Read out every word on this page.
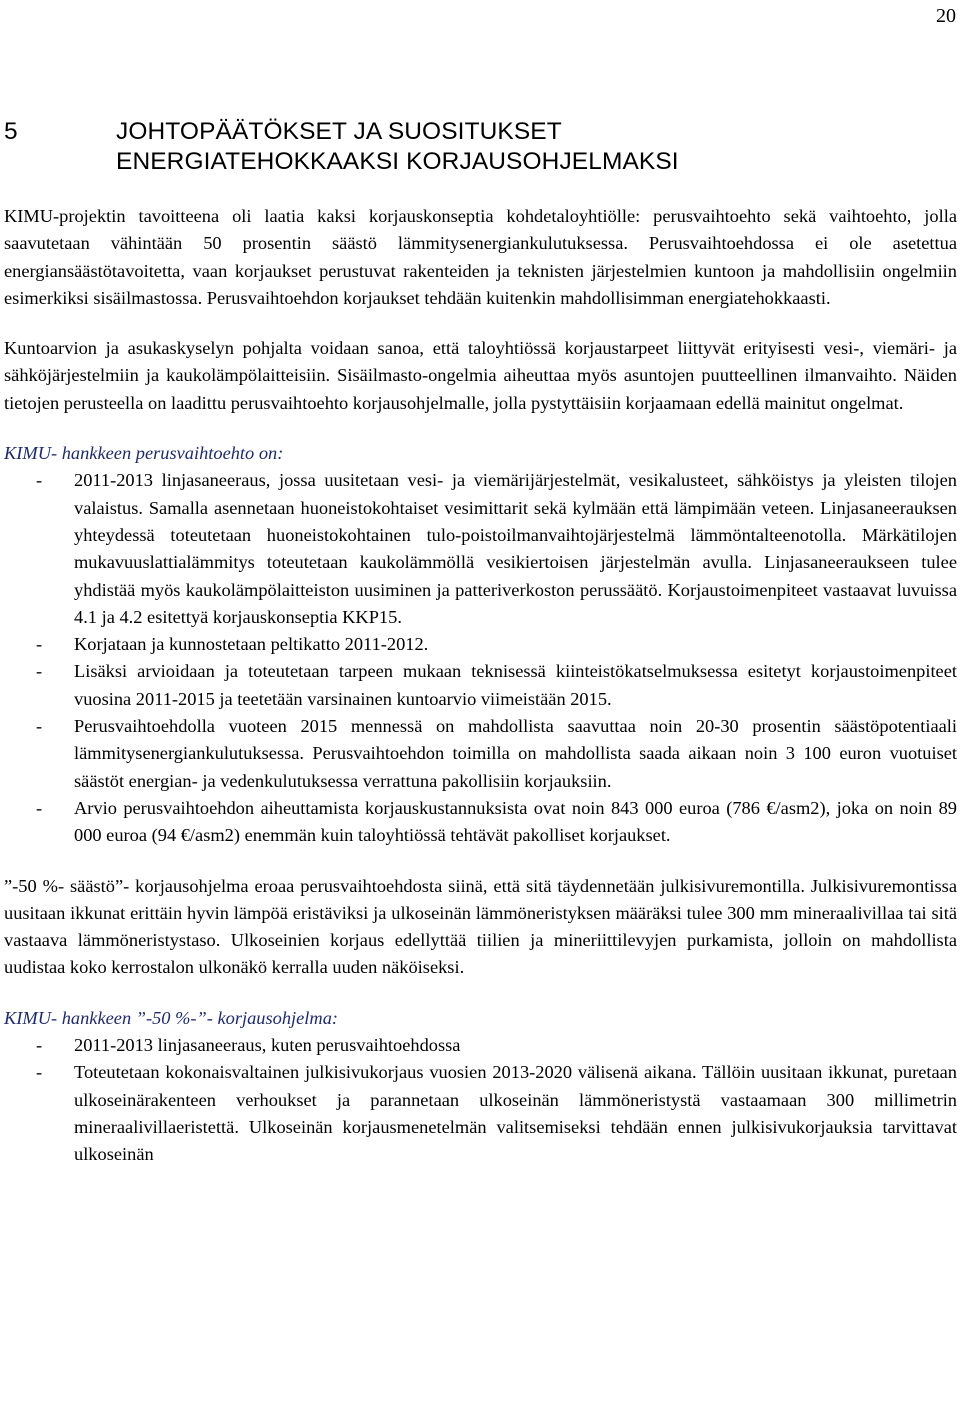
20
5	JOHTOPÄÄTÖKSET JA SUOSITUKSET
ENERGIATEHOKKAAKSI KORJAUSOHJELMAKSI

KIMU-projektin tavoitteena oli laatia kaksi korjauskonseptia kohdetaloyhtiölle: perusvaihtoehto sekä vaihtoehto, jolla saavutetaan vähintään 50 prosentin säästö lämmitysenergiankulutuksessa. Perusvaihtoehdossa ei ole asetettua energiansäästötavoitetta, vaan korjaukset perustuvat rakenteiden ja teknisten järjestelmien kuntoon ja mahdollisiin ongelmiin esimerkiksi sisäilmastossa. Perusvaihtoehdon korjaukset tehdään kuitenkin mahdollisimman energiatehokkaasti.

Kuntoarvion ja asukaskyselyn pohjalta voidaan sanoa, että taloyhtiössä korjaustarpeet liittyvät erityisesti vesi-, viemäri- ja sähköjärjestelmiin ja kaukolämpölaitteisiin. Sisäilmasto-ongelmia aiheuttaa myös asuntojen puutteellinen ilmanvaihto. Näiden tietojen perusteella on laadittu perusvaihtoehto korjausohjelmalle, jolla pystyttäisiin korjaamaan edellä mainitut ongelmat.

KIMU- hankkeen perusvaihtoehto on:

- 2011-2013 linjasaneeraus, jossa uusitetaan vesi- ja viemärijärjestelmät, vesikalusteet, sähköistys ja yleisten tilojen valaistus. Samalla asennetaan huoneistokohtaiset vesimittarit sekä kylmään että lämpimään veteen. Linjasaneerauksen yhteydessä toteutetaan huoneistokohtainen tulo-poistoilmanvaihtojärjestelmä lämmöntalteenotolla. Märkätilojen mukavuuslattialämmitys toteutetaan kaukolämmöllä vesikiertoisen järjestelmän avulla. Linjasaneeraukseen tulee yhdistää myös kaukolämpölaitteiston uusiminen ja patteriverkoston perussäätö. Korjaustoimenpiteet vastaavat luvuissa 4.1 ja 4.2 esitettyä korjauskonseptia KKP15.
- Korjataan ja kunnostetaan peltikatto 2011-2012.
- Lisäksi arvioidaan ja toteutetaan tarpeen mukaan teknisessä kiinteistökatselmuksessa esitetyt korjaustoimenpiteet vuosina 2011-2015 ja teetetään varsinainen kuntoarvio viimeistään 2015.
- Perusvaihtoehdolla vuoteen 2015 mennessä on mahdollista saavuttaa noin 20-30 prosentin säästöpotentiaali lämmitysenergiankulutuksessa. Perusvaihtoehdon toimilla on mahdollista saada aikaan noin 3 100 euron vuotuiset säästöt energian- ja vedenkulutuksessa verrattuna pakollisiin korjauksiin.
- Arvio perusvaihtoehdon aiheuttamista korjauskustannuksista ovat noin 843 000 euroa (786 €/asm2), joka on noin 89 000 euroa (94 €/asm2) enemmän kuin taloyhtiössä tehtävät pakolliset korjaukset.

”-50 %- säästö”- korjausohjelma eroaa perusvaihtoehdosta siinä, että sitä täydennetään julkisivuremontilla. Julkisivuremontissa uusitaan ikkunat erittäin hyvin lämpöä eristäviksi ja ulkoseinän lämmöneristyksen määräksi tulee 300 mm mineraalivillaa tai sitä vastaava lämmöneristystaso. Ulkoseinien korjaus edellyttää tiilien ja mineriittilevyjen purkamista, jolloin on mahdollista uudistaa koko kerrostalon ulkonäkö kerralla uuden näköiseksi.

KIMU- hankkeen ”-50 %-”- korjausohjelma:

- 2011-2013 linjasaneeraus, kuten perusvaihtoehdossa
- Toteutetaan kokonaisvaltainen julkisivukorjaus vuosien 2013-2020 välisenä aikana. Tällöin uusitaan ikkunat, puretaan ulkoseinärakenteen verhoukset ja parannetaan ulkoseinän lämmöneristystä vastaamaan 300 millimetrin mineraalivillaeristettä. Ulkoseinän korjausmenetelmän valitsemiseksi tehdään ennen julkisivukorjauksia tarvittavat ulkoseinän
